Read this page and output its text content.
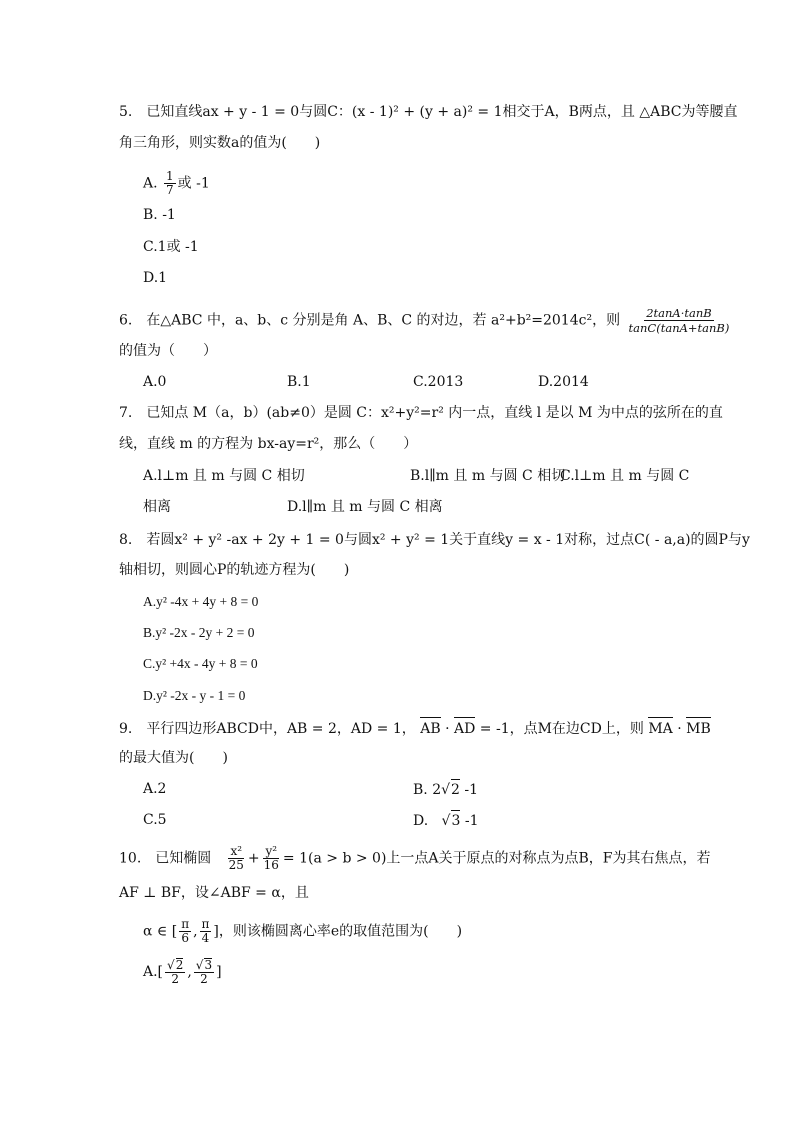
5.　已知直线ax + y - 1 = 0与圆C：(x - 1)² + (y + a)² = 1相交于A，B两点，且 △ABC为等腰直
角三角形，则实数a的值为(　　)
A. $\frac{1}{7}$ 或 -1
B. -1
C.1或 -1
D.1
6.　在△ABC 中，a、b、c 分别是角 A、B、C 的对边，若 a²+b²=2014c²，则 $\frac{2\tan A\cdot\tan B}{\tan C(\tan A+\tan B)}$
的值为（　　）
A.0	B.1	C.2013	D.2014
7.　已知点 M（a，b）(ab≠0）是圆 C：x²+y²=r² 内一点，直线 l 是以 M 为中点的弦所在的直
线，直线 m 的方程为 bx-ay=r²，那么（　　）
A.l⊥m 且 m 与圆 C 相切	B.l∥m 且 m 与圆 C 相切
C.l⊥m 且 m 与圆 C
相离	D.l∥m 且 m 与圆 C 相离
8.　若圆x² + y² -ax + 2y + 1 = 0与圆x² + y² = 1关于直线y = x - 1对称，过点C( - a,a)的圆P与y
轴相切，则圆心P的轨迹方程为(　　)
A.y² -4x + 4y + 8 = 0
B.y² -2x - 2y + 2 = 0
C.y² +4x - 4y + 8 = 0
D.y² -2x - y - 1 = 0
9.　平行四边形ABCD中，AB = 2，AD = 1， AB · AD = -1，点M在边CD上，则 MA · MB
的最大值为(　　)
A.2	B. 2√2 -1
C.5	D. √3 -1
10.　已知椭圆 $\frac{\text{x²}}{25} + \frac{\text{y²}}{16} = 1(a > b > 0)$上一点A关于原点的对称点为点B，F为其右焦点，若
AF ⊥ BF，设∠ABF = α，且
α ∈ [ $\frac{\pi}{6}$ , $\frac{\pi}{4}$ ]，则该椭圆离心率e的取值范围为(　　)
$A.[ \frac{√2}{2}$ , $\frac{√3}{2}$ ]
